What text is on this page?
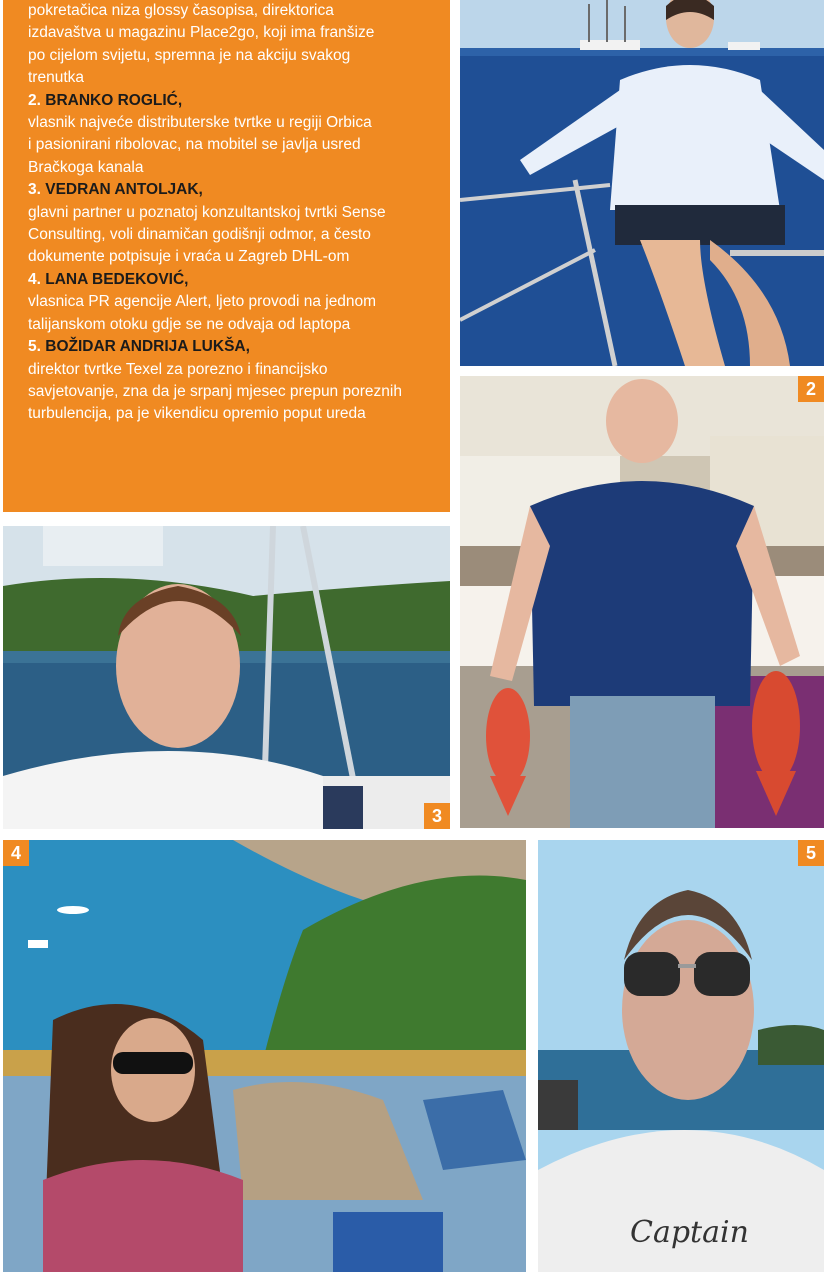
pokretačica niza glossy časopisa, direktorica
izdavaštva u magazinu Place2go, koji ima franšize
po cijelom svijetu, spremna je na akciju svakog
trenutka

2. BRANKO ROGLIĆ,
vlasnik najveće distributerske tvrtke u regiji Orbica
i pasionirani ribolovac, na mobitel se javlja usred
Bračkoga kanala

3. VEDRAN ANTOLJAK,
glavni partner u poznatoj konzultantskoj tvrtki Sense
Consulting, voli dinamičan godišnji odmor, a često
dokumente potpisuje i vraća u Zagreb DHL-om

4. LANA BEDEKOVIĆ,
vlasnica PR agencije Alert, ljeto provodi na jednom
talijanskom otoku gdje se ne odvaja od laptopa

5. BOŽIDAR ANDRIJA LUKŠA,
direktor tvrtke Texel za porezno i financijsko
savjetovanje, zna da je srpanj mjesec prepun poreznih
turbulencija, pa je vikendicu opremio poput ureda

2
3
4
Captain
5
